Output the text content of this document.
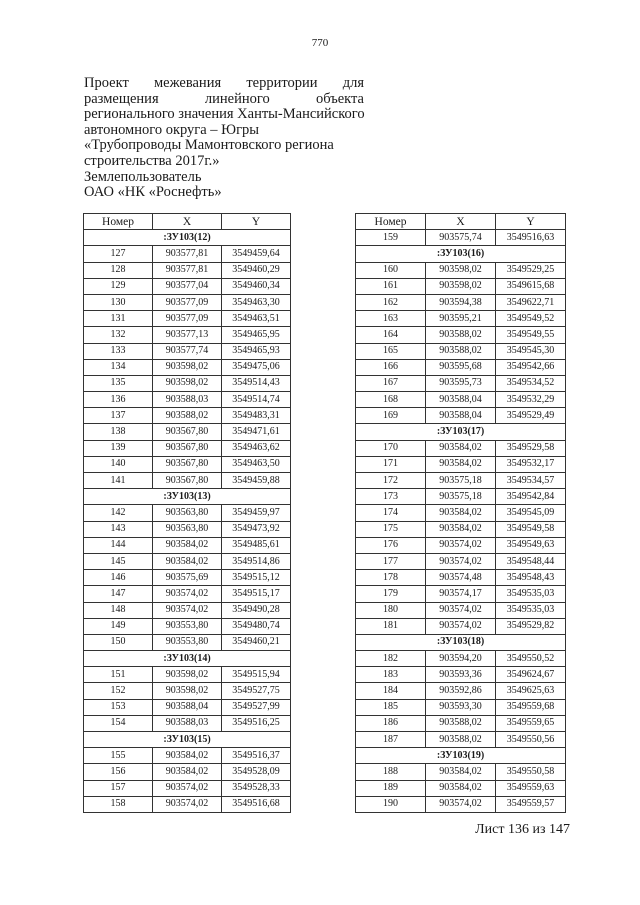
770
Проект межевания территории для
размещения	линейного	объекта
регионального значения Ханты-Мансийского
автономного округа – Югры
«Трубопроводы Мамонтовского региона
строительства 2017г.»
Землепользователь
ОАО «НК «Роснефть»
Номер	X	Y
:ЗУ103(12)		
127	903577,81	3549459,64
128	903577,81	3549460,29
129	903577,04	3549460,34
130	903577,09	3549463,30
131	903577,09	3549463,51
132	903577,13	3549465,95
133	903577,74	3549465,93
134	903598,02	3549475,06
135	903598,02	3549514,43
136	903588,03	3549514,74
137	903588,02	3549483,31
138	903567,80	3549471,61
139	903567,80	3549463,62
140	903567,80	3549463,50
141	903567,80	3549459,88
:ЗУ103(13)		
142	903563,80	3549459,97
143	903563,80	3549473,92
144	903584,02	3549485,61
145	903584,02	3549514,86
146	903575,69	3549515,12
147	903574,02	3549515,17
148	903574,02	3549490,28
149	903553,80	3549480,74
150	903553,80	3549460,21
:ЗУ103(14)		
151	903598,02	3549515,94
152	903598,02	3549527,75
153	903588,04	3549527,99
154	903588,03	3549516,25
:ЗУ103(15)		
155	903584,02	3549516,37
156	903584,02	3549528,09
157	903574,02	3549528,33
158	903574,02	3549516,68
Номер	X	Y
159	903575,74	3549516,63
:ЗУ103(16)		
160	903598,02	3549529,25
161	903598,02	3549615,68
162	903594,38	3549622,71
163	903595,21	3549549,52
164	903588,02	3549549,55
165	903588,02	3549545,30
166	903595,68	3549542,66
167	903595,73	3549534,52
168	903588,04	3549532,29
169	903588,04	3549529,49
:ЗУ103(17)		
170	903584,02	3549529,58
171	903584,02	3549532,17
172	903575,18	3549534,57
173	903575,18	3549542,84
174	903584,02	3549545,09
175	903584,02	3549549,58
176	903574,02	3549549,63
177	903574,02	3549548,44
178	903574,48	3549548,43
179	903574,17	3549535,03
180	903574,02	3549535,03
181	903574,02	3549529,82
:ЗУ103(18)		
182	903594,20	3549550,52
183	903593,36	3549624,67
184	903592,86	3549625,63
185	903593,30	3549559,68
186	903588,02	3549559,65
187	903588,02	3549550,56
:ЗУ103(19)		
188	903584,02	3549550,58
189	903584,02	3549559,63
190	903574,02	3549559,57
Лист 136 из 147
